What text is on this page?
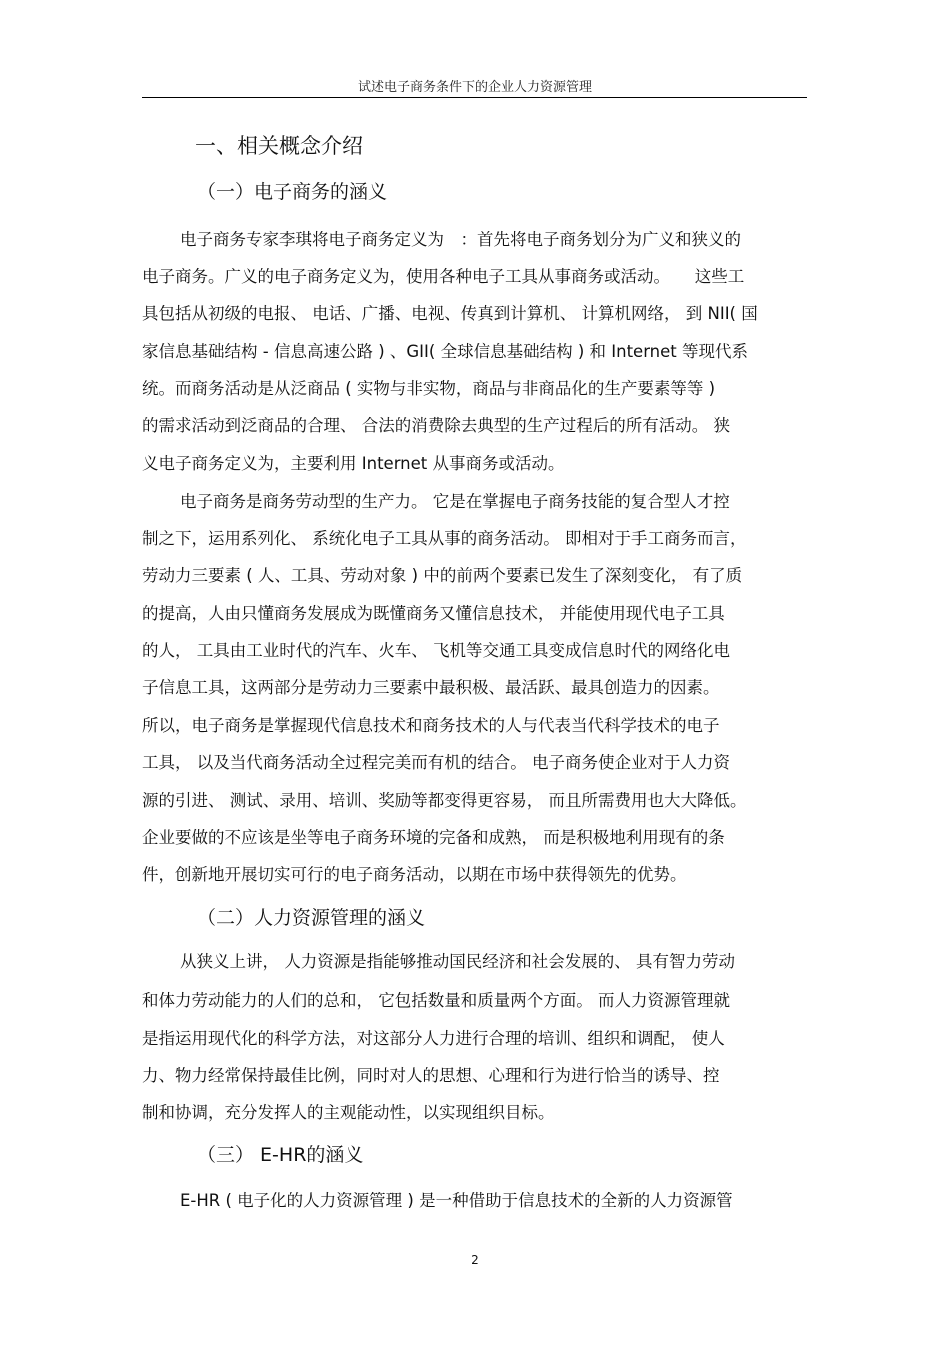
试述电子商务条件下的企业人力资源管理
一、相关概念介绍
（一）电子商务的涵义
电子商务专家李琪将电子商务定义为　：首先将电子商务划分为广义和狭义的
电子商务。广义的电子商务定义为，使用各种电子工具从事商务或活动。　　这些工
具包括从初级的电报、 电话、广播、电视、传真到计算机、 计算机网络， 到 NII( 国
家信息基础结构 - 信息高速公路 ) 、GII( 全球信息基础结构 ) 和 Internet 等现代系
统。而商务活动是从泛商品 ( 实物与非实物，商品与非商品化的生产要素等等 )
的需求活动到泛商品的合理、 合法的消费除去典型的生产过程后的所有活动。 狭
义电子商务定义为，主要利用 Internet 从事商务或活动。
电子商务是商务劳动型的生产力。 它是在掌握电子商务技能的复合型人才控
制之下，运用系列化、 系统化电子工具从事的商务活动。 即相对于手工商务而言，
劳动力三要素 ( 人、工具、劳动对象 ) 中的前两个要素已发生了深刻变化， 有了质
的提高，人由只懂商务发展成为既懂商务又懂信息技术， 并能使用现代电子工具
的人， 工具由工业时代的汽车、火车、 飞机等交通工具变成信息时代的网络化电
子信息工具，这两部分是劳动力三要素中最积极、最活跃、最具创造力的因素。
所以，电子商务是掌握现代信息技术和商务技术的人与代表当代科学技术的电子
工具， 以及当代商务活动全过程完美而有机的结合。 电子商务使企业对于人力资
源的引进、 测试、录用、培训、奖励等都变得更容易， 而且所需费用也大大降低。
企业要做的不应该是坐等电子商务环境的完备和成熟， 而是积极地利用现有的条
件，创新地开展切实可行的电子商务活动，以期在市场中获得领先的优势。
（二）人力资源管理的涵义
从狭义上讲， 人力资源是指能够推动国民经济和社会发展的、 具有智力劳动
和体力劳动能力的人们的总和， 它包括数量和质量两个方面。 而人力资源管理就
是指运用现代化的科学方法，对这部分人力进行合理的培训、组织和调配， 使人
力、物力经常保持最佳比例，同时对人的思想、心理和行为进行恰当的诱导、控
制和协调，充分发挥人的主观能动性，以实现组织目标。
（三） E-HR的涵义
E-HR ( 电子化的人力资源管理 ) 是一种借助于信息技术的全新的人力资源管
2
